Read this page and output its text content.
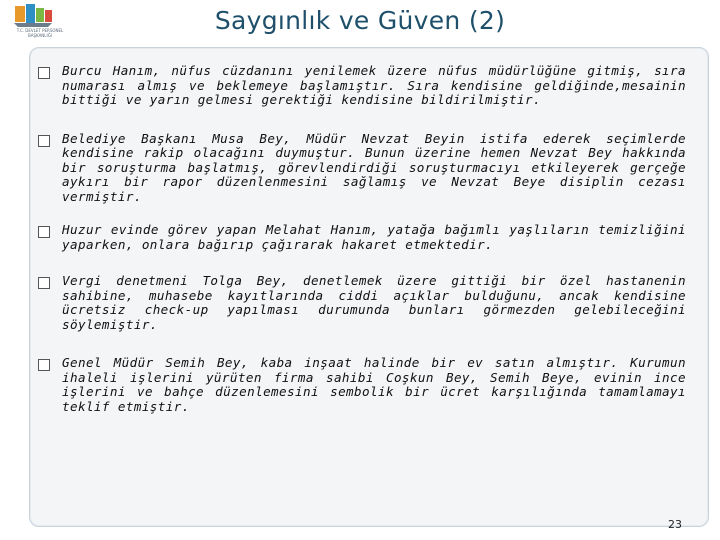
T.C. DEVLET PERSONEL BAŞKANLIĞI
Saygınlık ve Güven (2)
Burcu Hanım, nüfus cüzdanını yenilemek üzere nüfus müdürlüğüne gitmiş, sıra numarası almış ve beklemeye başlamıştır. Sıra kendisine geldiğinde,mesainin bittiği ve yarın gelmesi gerektiği kendisine bildirilmiştir.
Belediye Başkanı Musa Bey, Müdür Nevzat Beyin istifa ederek seçimlerde kendisine rakip olacağını duymuştur. Bunun üzerine hemen Nevzat Bey hakkında bir soruşturma başlatmış, görevlendirdiği soruşturmacıyı etkileyerek gerçeğe aykırı bir rapor düzenlenmesini sağlamış ve Nevzat Beye disiplin cezası vermiştir.
Huzur evinde görev yapan Melahat Hanım, yatağa bağımlı yaşlıların temizliğini yaparken, onlara bağırıp çağırarak hakaret etmektedir.
Vergi denetmeni Tolga Bey, denetlemek üzere gittiği bir özel hastanenin sahibine, muhasebe kayıtlarında ciddi açıklar bulduğunu, ancak kendisine ücretsiz check-up yapılması durumunda bunları görmezden gelebileceğini söylemiştir.
Genel Müdür Semih Bey, kaba inşaat halinde bir ev satın almıştır. Kurumun ihaleli işlerini yürüten firma sahibi Coşkun Bey, Semih Beye, evinin ince işlerini ve bahçe düzenlemesini sembolik bir ücret karşılığında tamamlamayı teklif etmiştir.
23
